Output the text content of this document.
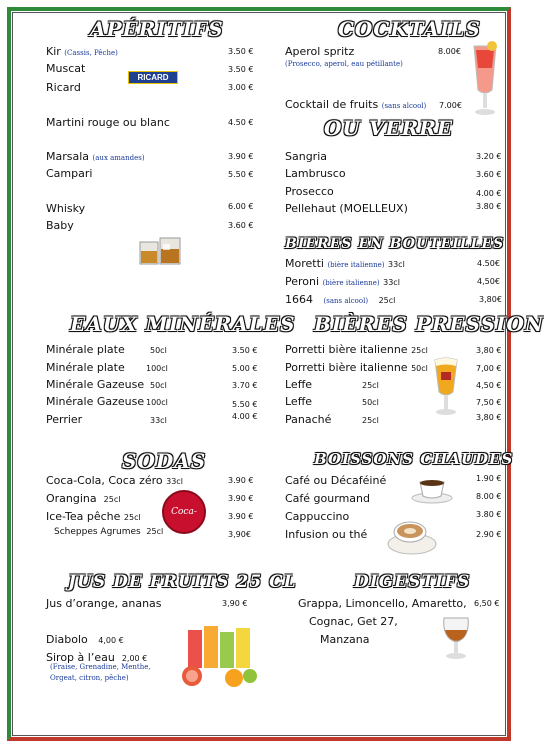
APÉRITIFS
Kir (Cassis, Pêche)	3.50 €
Muscat	3.50 €
RICARD
Ricard	3.00 €
Martini rouge ou blanc	4.50 €
Marsala (aux amandes)	3.90 €
Campari	5.50 €
Whisky	6.00 €
Baby	3.60 €
COCKTAILS
Aperol spritz	8.00€
(Prosecco, aperol, eau pétillante)
Cocktail de fruits (sans alcool) 7.00€
OU VERRE
Sangria	3.20 €
Lambrusco	3.60 €
Prosecco	4.00 €
Pellehaut (MOELLEUX)	3.80 €
BIERES EN BOUTEILLES
Moretti (bière italienne) 33cl	4.50€
Peroni (bière italienne) 33cl	4,50€
1664 (sans alcool) 25cl	3,80€
EAUX MINÉRALES
Minérale plate	50cl	3.50 €
Minérale plate	100cl	5.00 €
Minérale Gazeuse 50cl	3.70 €
Minérale Gazeuse 100cl	5.50 €
Perrier	33cl	4.00 €
BIÈRES PRESSION
Porretti bière italienne 25cl	3,80 €
Porretti bière italienne 50cl	7,00 €
Leffe	25cl	4,50 €
Leffe	50cl	7,50 €
Panaché	25cl	3,80 €
SODAS
Coca-Cola, Coca zéro 33cl	3.90 €
Orangina 25cl	3.90 €
Ice-Tea pêche 25cl	3.90 €
Scheppes Agrumes 25cl	3,90€
Coca-Cola
BOISSONS CHAUDES
Café ou Décaféiné	1.90 €
Café gourmand	8.00 €
Cappuccino	3.80 €
Infusion ou thé	2.90 €
JUS DE FRUITS 25 CL
Jus d’orange, ananas	3,90 €
Diabolo 4,00 €
Sirop à l’eau 2,00 €
(Fraise, Grenadine, Menthe,
Orgeat, citron, pêche)
DIGESTIFS
Grappa, Limoncello, Amaretto, 6,50 €
Cognac, Get 27,
Manzana
